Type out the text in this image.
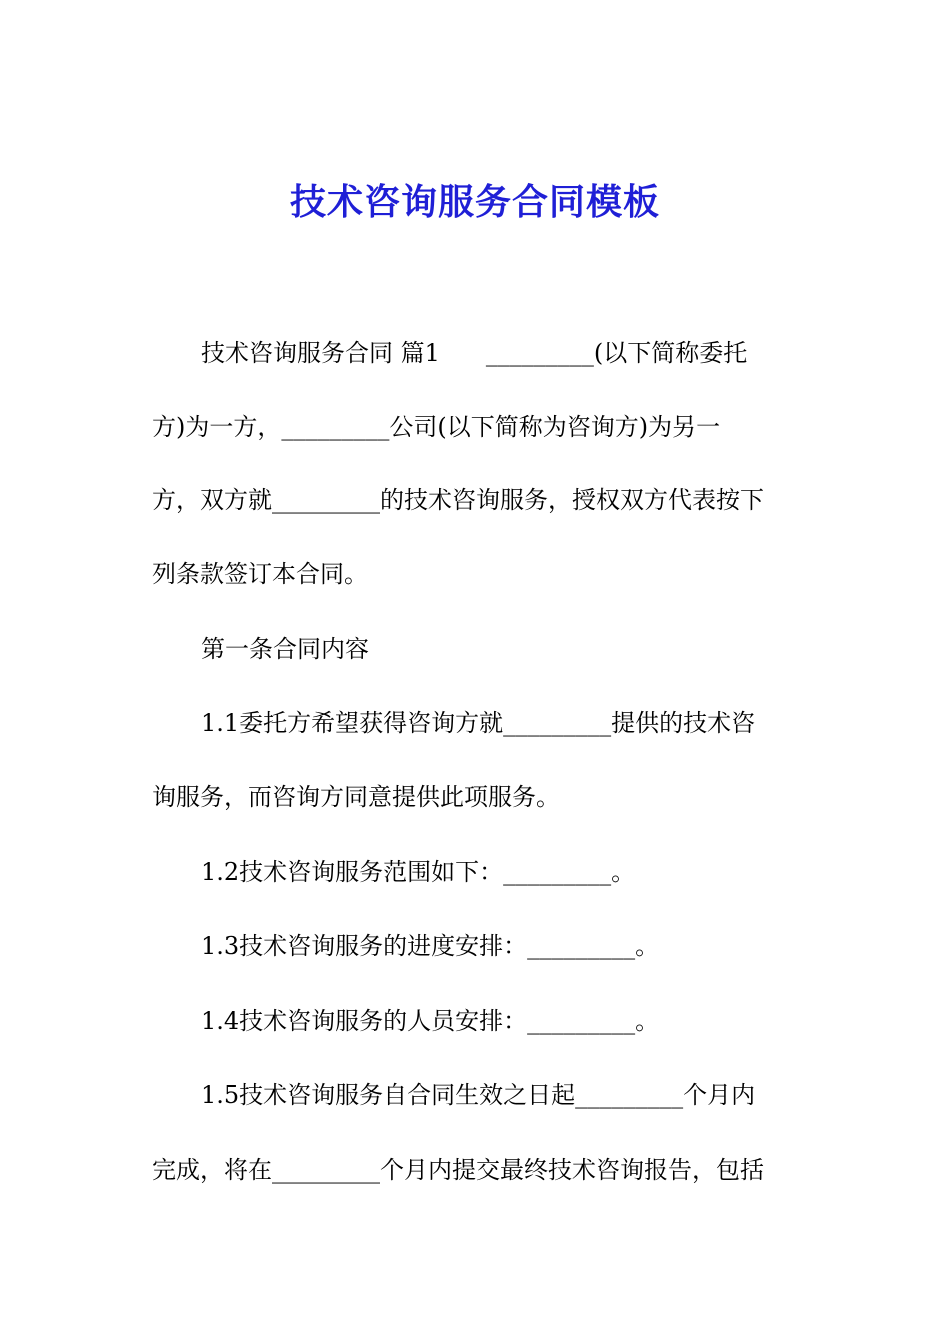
技术咨询服务合同模板

技术咨询服务合同 篇1 _________(以下简称委托

方)为一方，_________公司(以下简称为咨询方)为另一

方，双方就_________的技术咨询服务，授权双方代表按下

列条款签订本合同。

第一条合同内容

1.1委托方希望获得咨询方就_________提供的技术咨

询服务，而咨询方同意提供此项服务。

1.2技术咨询服务范围如下：_________。

1.3技术咨询服务的进度安排：_________。

1.4技术咨询服务的人员安排：_________。

1.5技术咨询服务自合同生效之日起_________个月内

完成，将在_________个月内提交最终技术咨询报告，包括
